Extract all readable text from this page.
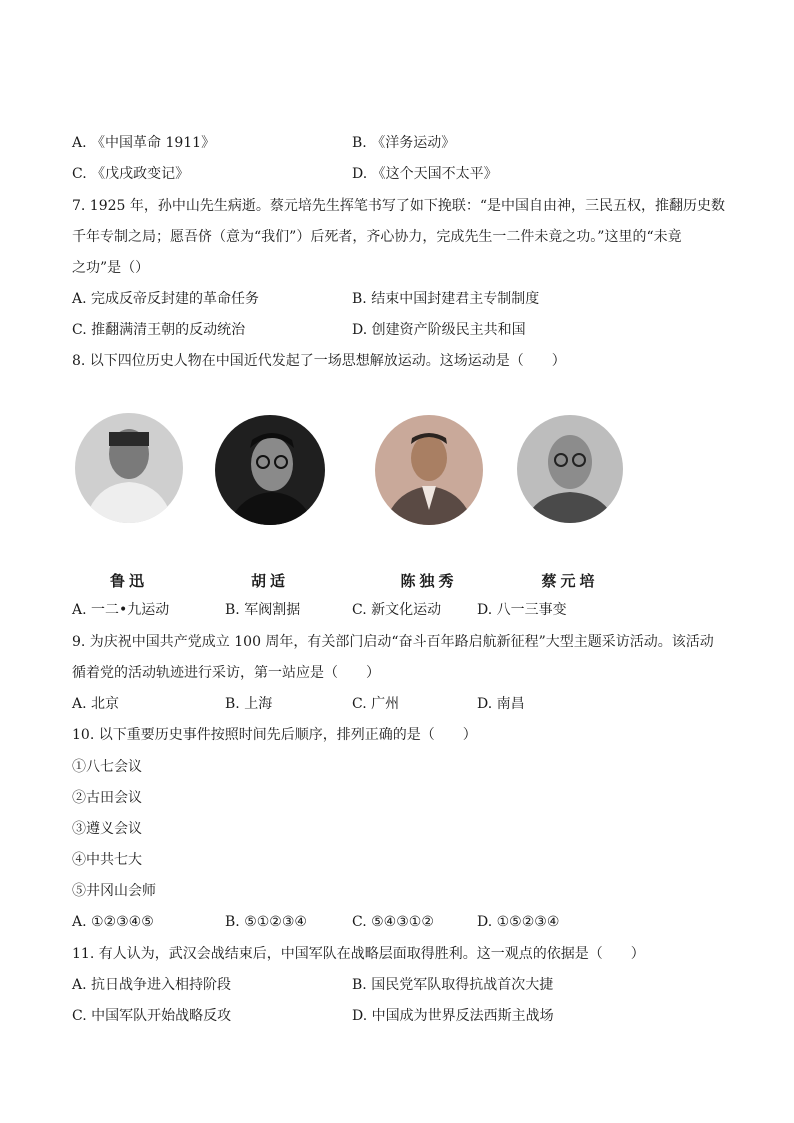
A. 《中国革命 1911》	B. 《洋务运动》
C. 《戊戌政变记》	D. 《这个天国不太平》
7. 1925 年，孙中山先生病逝。蔡元培先生挥笔书写了如下挽联：“是中国自由神，三民五权，推翻历史数
千年专制之局；愿吾侪（意为“我们”）后死者，齐心协力，完成先生一二件未竟之功。”这里的“未竟
之功”是（）
A. 完成反帝反封建的革命任务	B. 结束中国封建君主专制制度
C. 推翻满清王朝的反动统治	D. 创建资产阶级民主共和国
8. 以下四位历史人物在中国近代发起了一场思想解放运动。这场运动是（　　）
鲁迅	胡适	陈独秀	蔡元培
A. 一二•九运动	B. 军阀割据	C. 新文化运动	D. 八一三事变
9. 为庆祝中国共产党成立 100 周年，有关部门启动“奋斗百年路启航新征程”大型主题采访活动。该活动
循着党的活动轨迹进行采访，第一站应是（　　）
A. 北京	B. 上海	C. 广州	D. 南昌
10. 以下重要历史事件按照时间先后顺序，排列正确的是（　　）
①八七会议
②古田会议
③遵义会议
④中共七大
⑤井冈山会师
A. ①②③④⑤	B. ⑤①②③④	C. ⑤④③①②	D. ①⑤②③④
11. 有人认为，武汉会战结束后，中国军队在战略层面取得胜利。这一观点的依据是（　　）
A. 抗日战争进入相持阶段	B. 国民党军队取得抗战首次大捷
C. 中国军队开始战略反攻	D. 中国成为世界反法西斯主战场
